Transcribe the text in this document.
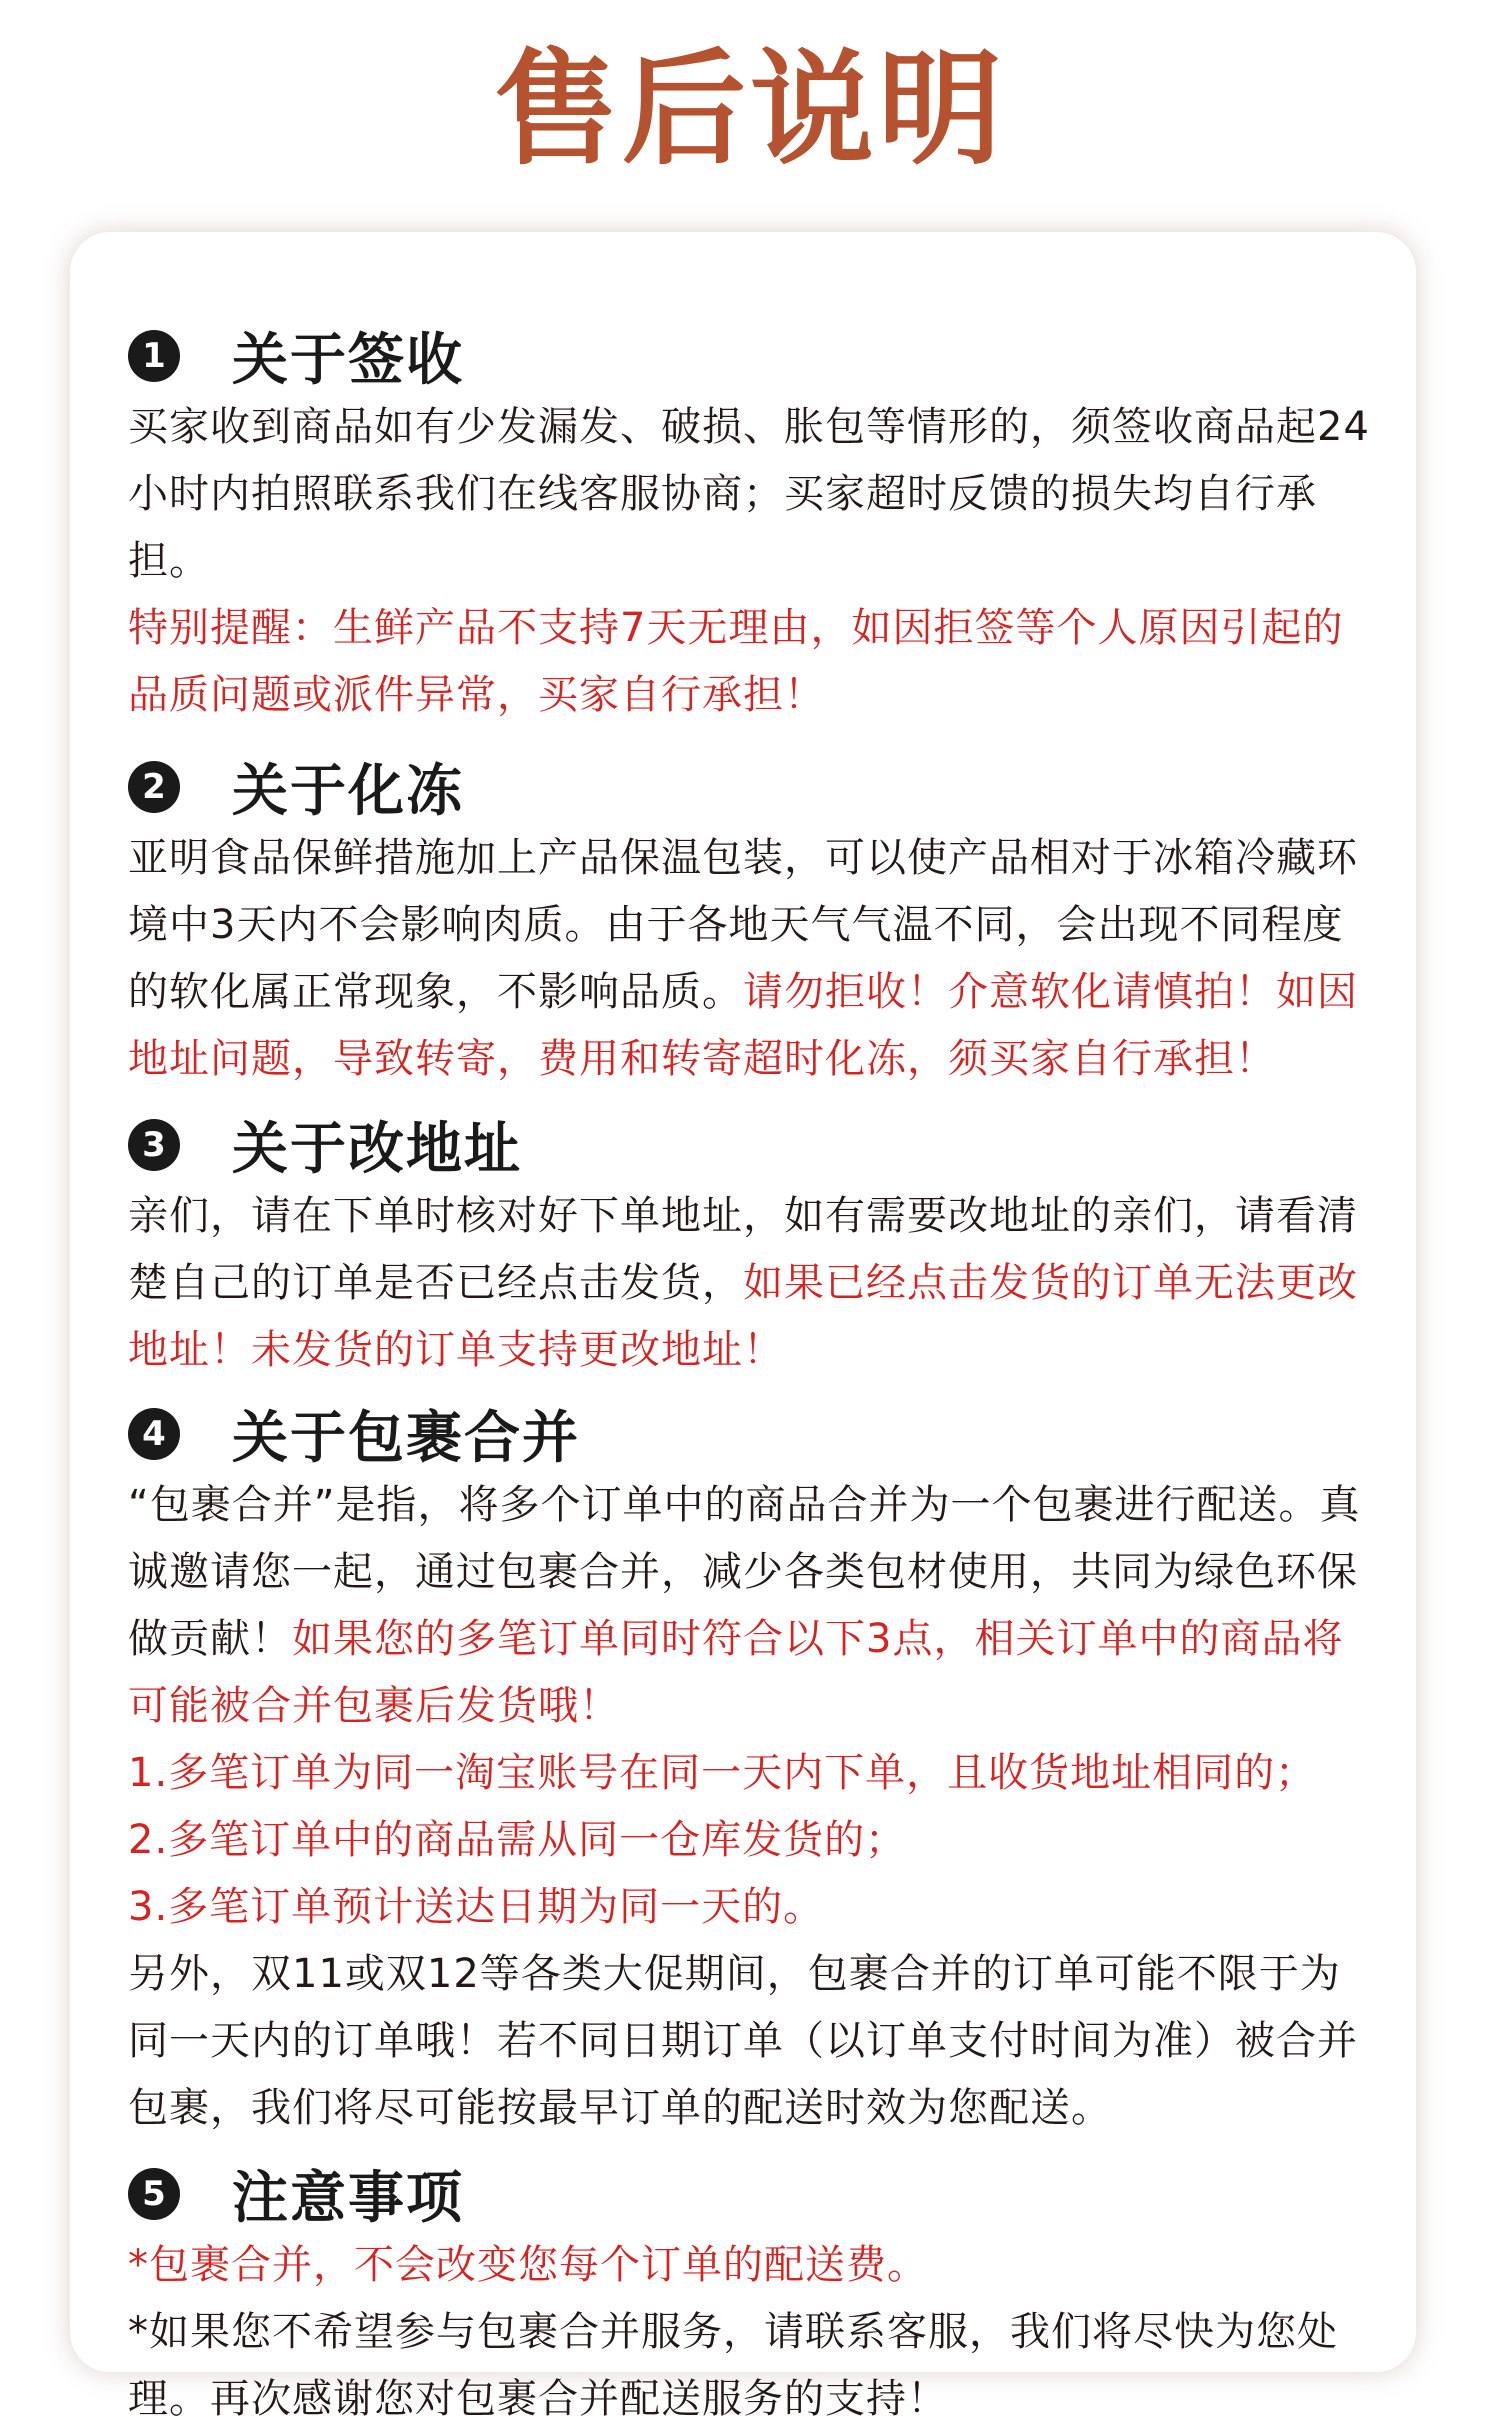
售后说明
1 关于签收

买家收到商品如有少发漏发、破损、胀包等情形的，须签收商品起24小时内拍照联系我们在线客服协商；买家超时反馈的损失均自行承担。

特别提醒：生鲜产品不支持7天无理由，如因拒签等个人原因引起的品质问题或派件异常，买家自行承担！

2 关于化冻

亚明食品保鲜措施加上产品保温包装，可以使产品相对于冰箱冷藏环境中3天内不会影响肉质。由于各地天气气温不同，会出现不同程度的软化属正常现象，不影响品质。请勿拒收！介意软化请慎拍！如因地址问题，导致转寄，费用和转寄超时化冻，须买家自行承担！

3 关于改地址

亲们，请在下单时核对好下单地址，如有需要改地址的亲们，请看清楚自己的订单是否已经点击发货，如果已经点击发货的订单无法更改地址！未发货的订单支持更改地址！

4 关于包裹合并

“包裹合并”是指，将多个订单中的商品合并为一个包裹进行配送。真诚邀请您一起，通过包裹合并，减少各类包材使用，共同为绿色环保做贡献！如果您的多笔订单同时符合以下3点，相关订单中的商品将可能被合并包裹后发货哦！

1.多笔订单为同一淘宝账号在同一天内下单，且收货地址相同的；

2.多笔订单中的商品需从同一仓库发货的；

3.多笔订单预计送达日期为同一天的。

另外，双11或双12等各类大促期间，包裹合并的订单可能不限于为同一天内的订单哦！若不同日期订单（以订单支付时间为准）被合并包裹，我们将尽可能按最早订单的配送时效为您配送。

5 注意事项

*包裹合并，不会改变您每个订单的配送费。

*如果您不希望参与包裹合并服务，请联系客服，我们将尽快为您处理。再次感谢您对包裹合并配送服务的支持！
